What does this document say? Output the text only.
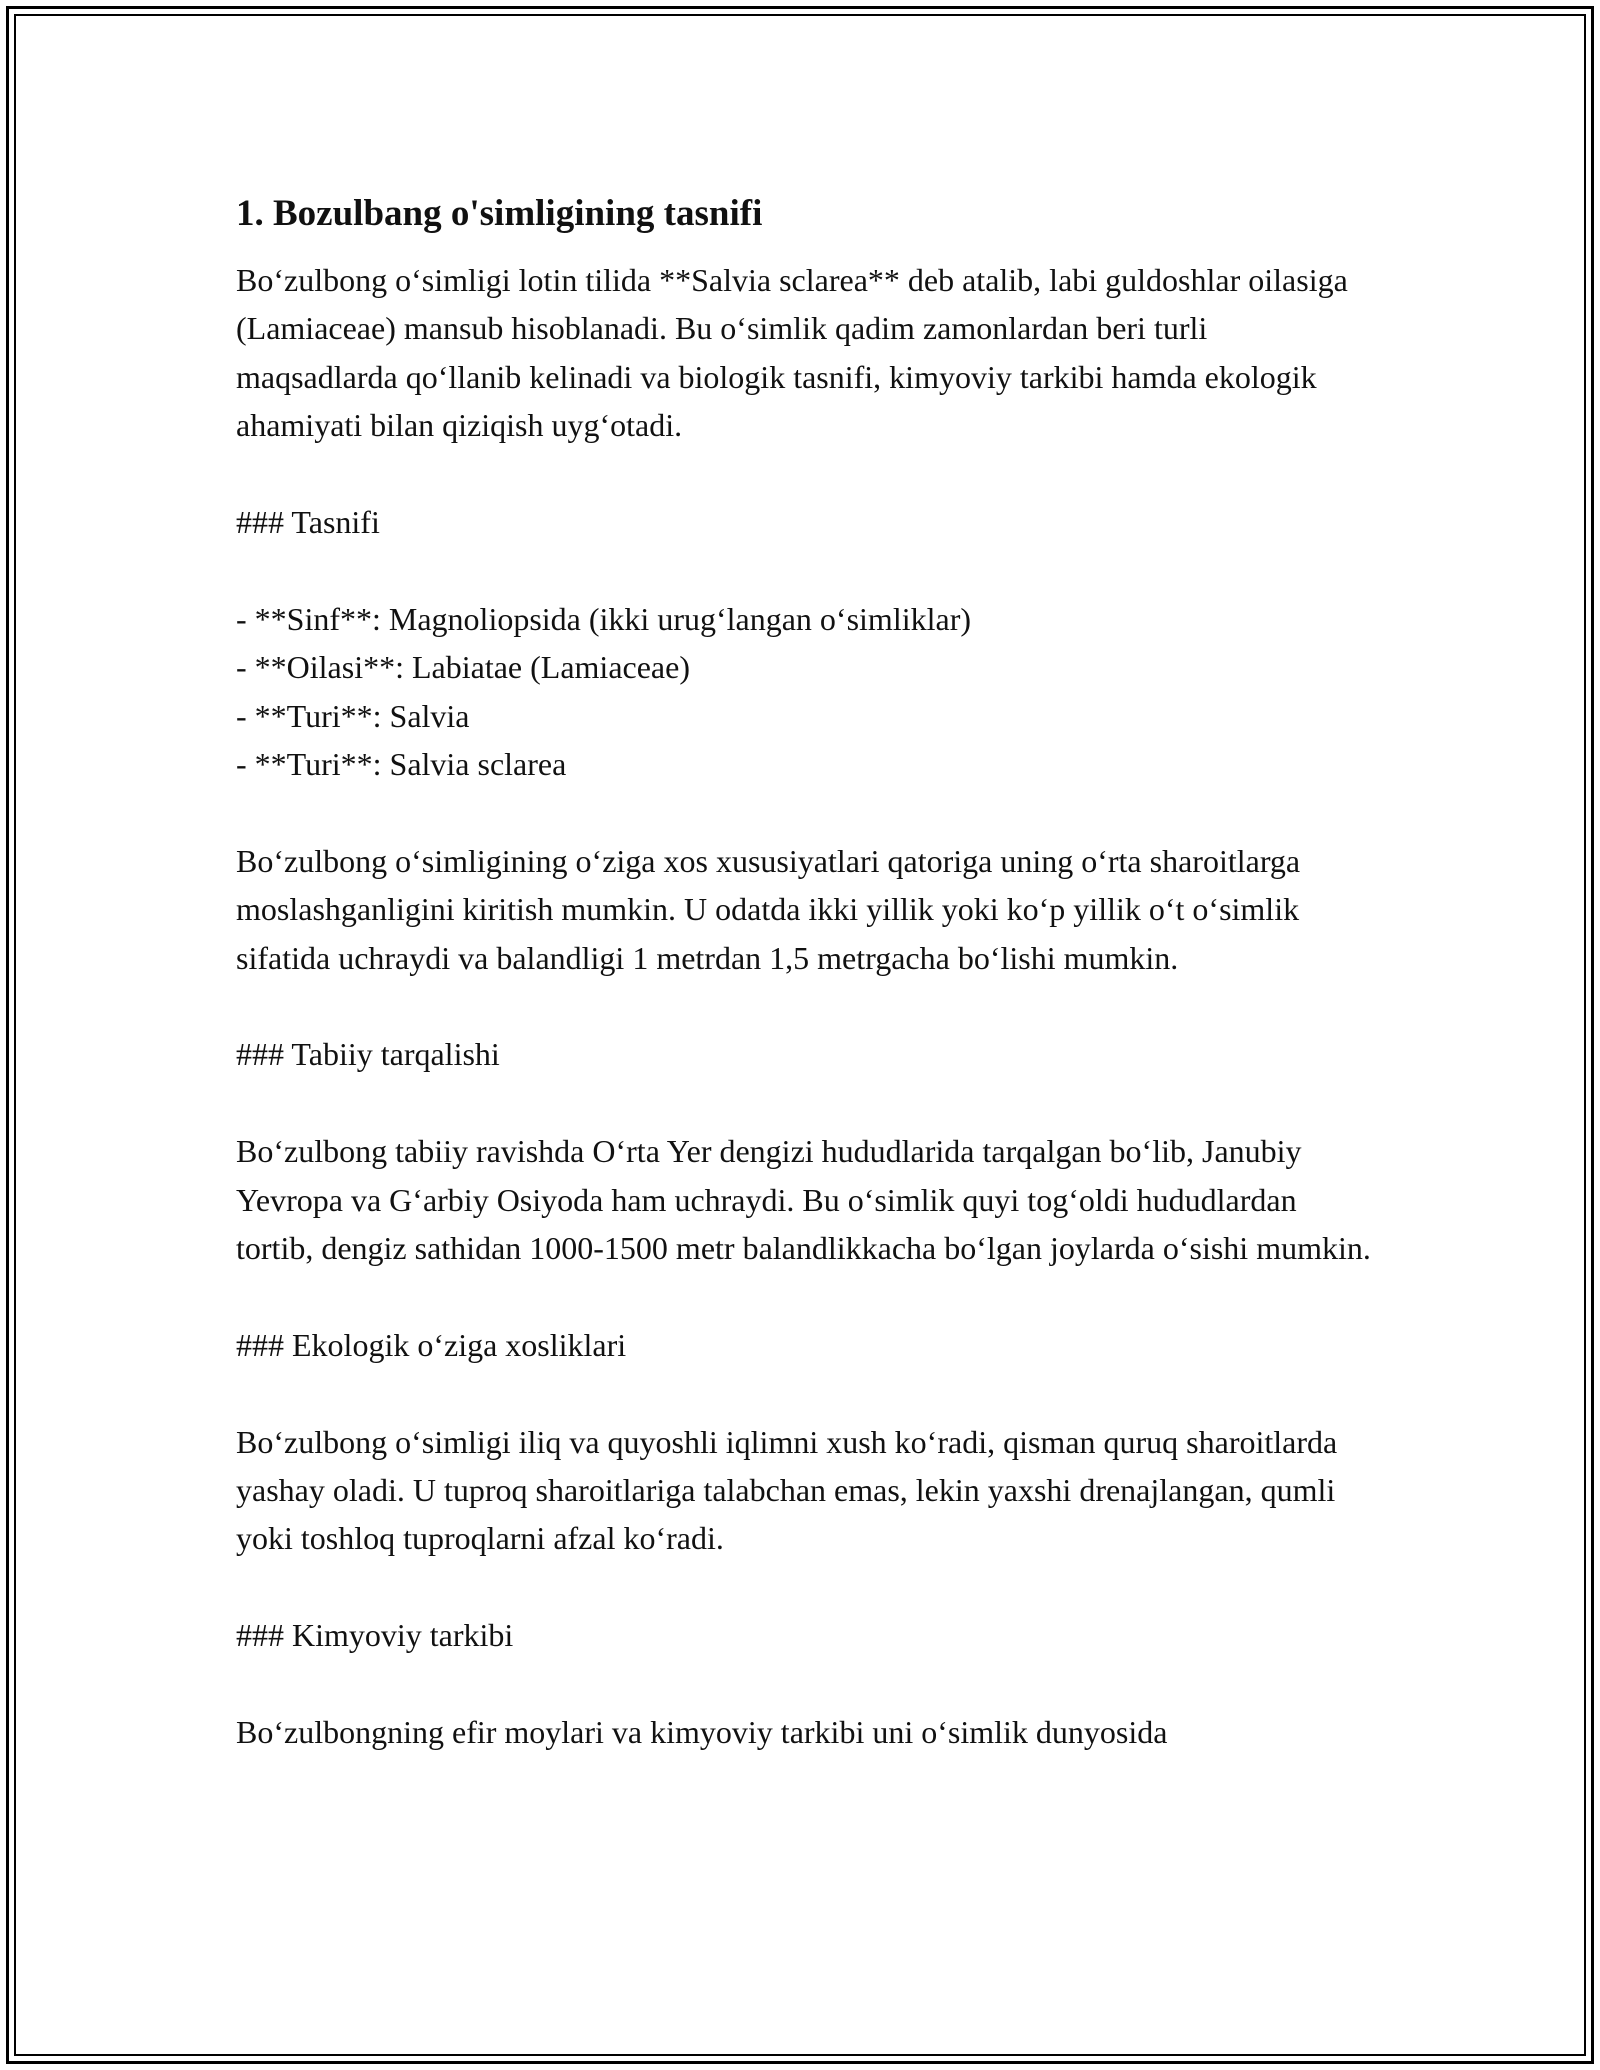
1. Bozulbang o'simligining tasnifi

Bo‘zulbong o‘simligi lotin tilida **Salvia sclarea** deb atalib, labi guldoshlar oilasiga (Lamiaceae) mansub hisoblanadi. Bu o‘simlik qadim zamonlardan beri turli maqsadlarda qo‘llanib kelinadi va biologik tasnifi, kimyoviy tarkibi hamda ekologik ahamiyati bilan qiziqish uyg‘otadi.

### Tasnifi

- **Sinf**: Magnoliopsida (ikki urug‘langan o‘simliklar)
- **Oilasi**: Labiatae (Lamiaceae)
- **Turi**: Salvia
- **Turi**: Salvia sclarea

Bo‘zulbong o‘simligining o‘ziga xos xususiyatlari qatoriga uning o‘rta sharoitlarga moslashganligini kiritish mumkin. U odatda ikki yillik yoki ko‘p yillik o‘t o‘simlik sifatida uchraydi va balandligi 1 metrdan 1,5 metrgacha bo‘lishi mumkin.

### Tabiiy tarqalishi

Bo‘zulbong tabiiy ravishda O‘rta Yer dengizi hududlarida tarqalgan bo‘lib, Janubiy Yevropa va G‘arbiy Osiyoda ham uchraydi. Bu o‘simlik quyi tog‘oldi hududlardan tortib, dengiz sathidan 1000-1500 metr balandlikkacha bo‘lgan joylarda o‘sishi mumkin.

### Ekologik o‘ziga xosliklari

Bo‘zulbong o‘simligi iliq va quyoshli iqlimni xush ko‘radi, qisman quruq sharoitlarda yashay oladi. U tuproq sharoitlariga talabchan emas, lekin yaxshi drenajlangan, qumli yoki toshloq tuproqlarni afzal ko‘radi.

### Kimyoviy tarkibi

Bo‘zulbongning efir moylari va kimyoviy tarkibi uni o‘simlik dunyosida
